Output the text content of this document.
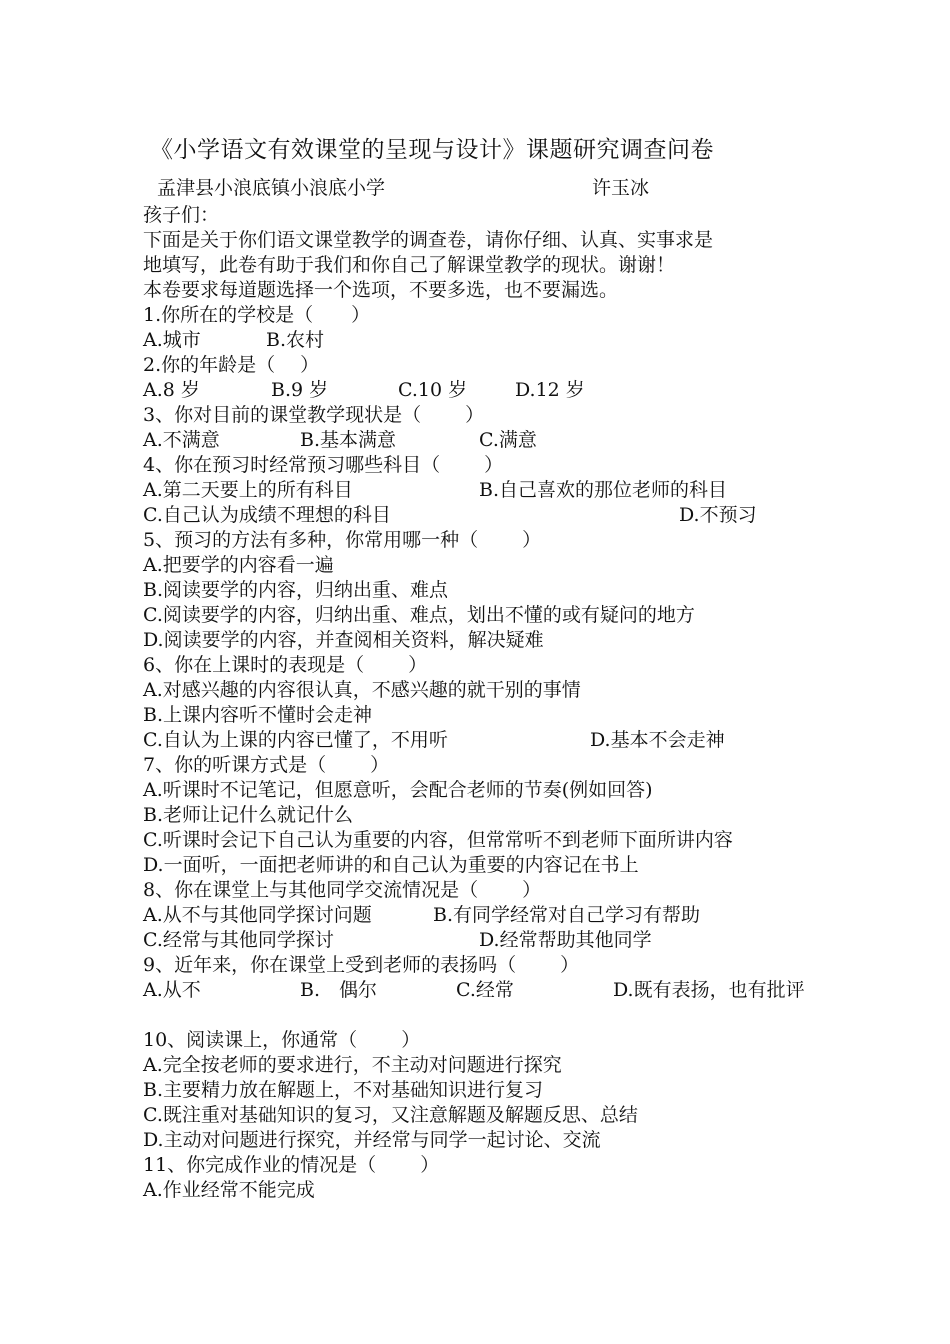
《小学语文有效课堂的呈现与设计》课题研究调查问卷
孟津县小浪底镇小浪底小学	许玉冰
孩子们：
下面是关于你们语文课堂教学的调查卷，请你仔细、认真、实事求是
地填写，此卷有助于我们和你自己了解课堂教学的现状。谢谢！
本卷要求每道题选择一个选项，不要多选，也不要漏选。
1.你所在的学校是（　　）
A.城市	B.农村
2.你的年龄是（　 ）
A.8 岁	B.9 岁	C.10 岁	D.12 岁
3、你对目前的课堂教学现状是（　　 ）
A.不满意	B.基本满意	C.满意
4、你在预习时经常预习哪些科目（　　 ）
A.第二天要上的所有科目	B.自己喜欢的那位老师的科目
C.自己认为成绩不理想的科目	D.不预习
5、预习的方法有多种，你常用哪一种（　　 ）
A.把要学的内容看一遍
B.阅读要学的内容，归纳出重、难点
C.阅读要学的内容，归纳出重、难点，划出不懂的或有疑问的地方
D.阅读要学的内容，并查阅相关资料，解决疑难
6、你在上课时的表现是（　　 ）
A.对感兴趣的内容很认真，不感兴趣的就干别的事情
B.上课内容听不懂时会走神
C.自认为上课的内容已懂了，不用听	D.基本不会走神
7、你的听课方式是（　　 ）
A.听课时不记笔记，但愿意听，会配合老师的节奏(例如回答)
B.老师让记什么就记什么
C.听课时会记下自己认为重要的内容，但常常听不到老师下面所讲内容
D.一面听，一面把老师讲的和自己认为重要的内容记在书上
8、你在课堂上与其他同学交流情况是（　　 ）
A.从不与其他同学探讨问题	B.有同学经常对自己学习有帮助
C.经常与其他同学探讨	D.经常帮助其他同学
9、近年来，你在课堂上受到老师的表扬吗（　　 ）
A.从不	B.　偶尔	C.经常	D.既有表扬，也有批评
10、阅读课上，你通常（　　 ）
A.完全按老师的要求进行，不主动对问题进行探究
B.主要精力放在解题上，不对基础知识进行复习
C.既注重对基础知识的复习，又注意解题及解题反思、总结
D.主动对问题进行探究，并经常与同学一起讨论、交流
11、你完成作业的情况是（　　 ）
A.作业经常不能完成
